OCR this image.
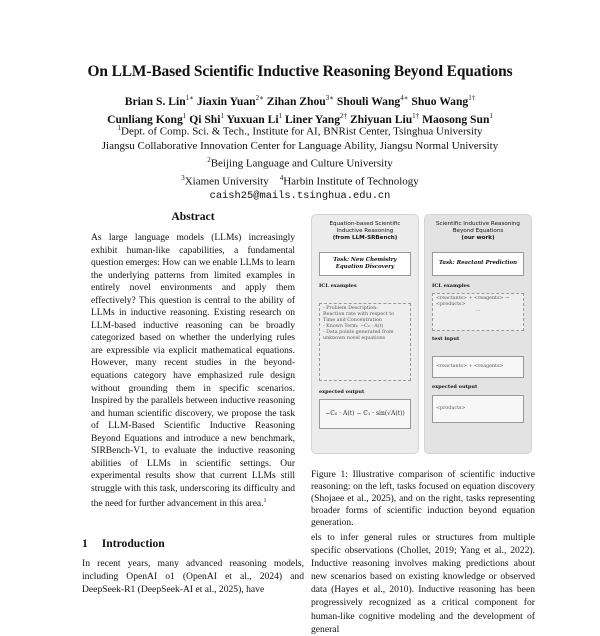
On LLM-Based Scientific Inductive Reasoning Beyond Equations
Brian S. Lin$^{1∗}$ Jiaxin Yuan$^{2∗}$ Zihan Zhou$^{3∗}$ Shouli Wang$^{4∗}$ Shuo Wang$^{1\dagger}$
Cunliang Kong$^1$ Qi Shi$^1$ Yuxuan Li$^1$ Liner Yang$^{2\dagger}$ Zhiyuan Liu$^{1\dagger}$ Maosong Sun$^1$
$^1$Dept. of Comp. Sci. & Tech., Institute for AI, BNRist Center, Tsinghua University
Jiangsu Collaborative Innovation Center for Language Ability, Jiangsu Normal University
$^2$Beijing Language and Culture University
$^3$Xiamen University $^4$Harbin Institute of Technology
caish25@mails.tsinghua.edu.cn
Abstract
As large language models (LLMs) increasingly exhibit human-like capabilities, a fundamental question emerges: How can we enable LLMs to learn the underlying patterns from limited examples in entirely novel environments and apply them effectively? This question is central to the ability of LLMs in inductive reasoning. Existing research on LLM-based inductive reasoning can be broadly categorized based on whether the underlying rules are expressible via explicit mathematical equations. However, many recent studies in the beyond-equations category have emphasized rule design without grounding them in specific scenarios. Inspired by the parallels between inductive reasoning and human scientific discovery, we propose the task of LLM-Based Scientific Inductive Reasoning Beyond Equations and introduce a new benchmark, SIRBench-V1, to evaluate the inductive reasoning abilities of LLMs in scientific settings. Our experimental results show that current LLMs still struggle with this task, underscoring its difficulty and the need for further advancement in this area.$^1$
1 Introduction
In recent years, many advanced reasoning models, including OpenAI o1 (OpenAI et al., 2024) and DeepSeek-R1 (DeepSeek-AI et al., 2025), have
Equation-based Scientific
Inductive Reasoning
(from LLM-SRBench)
Task: New Chemistry
Equation Discovery
ICL examples
- Problem Description:
Reaction rate with respect to
Time and Concentration
- Known Term: −C₀ · A(t)
- Data points generated from
unknown novel equations
expected output
−C₀ · A(t) − C₁ · sin(√A(t))
Scientific Inductive Reasoning
Beyond Equations
(our work)
Task: Reactant Prediction
ICL examples
<reactants> + <reagents> →
<products>
...
test input
<reactants> + <reagents>
expected output
<products>
Figure 1: Illustrative comparison of scientific inductive reasoning: on the left, tasks focused on equation discovery (Shojaee et al., 2025), and on the right, tasks representing broader forms of scientific induction beyond equation generation.
els to infer general rules or structures from multiple specific observations (Chollet, 2019; Yang et al., 2022). Inductive reasoning involves making predictions about new scenarios based on existing knowledge or observed data (Hayes et al., 2010). Inductive reasoning has been progressively recognized as a critical component for human-like cognitive modeling and the development of general
